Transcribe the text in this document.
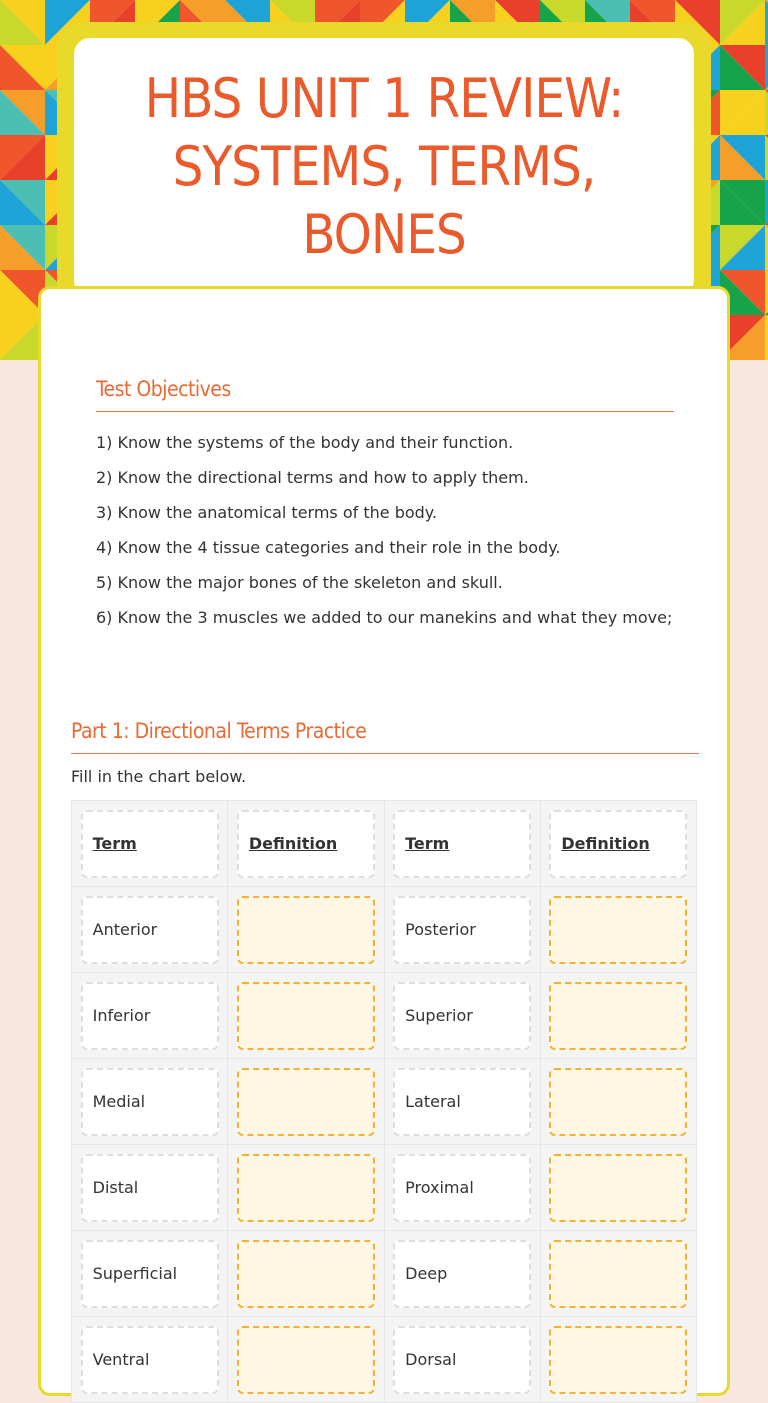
HBS UNIT 1 REVIEW: SYSTEMS, TERMS, BONES
Test Objectives
1) Know the systems of the body and their function.
2) Know the directional terms and how to apply them.
3) Know the anatomical terms of the body.
4) Know the 4 tissue categories and their role in the body.
5) Know the major bones of the skeleton and skull.
6) Know the 3 muscles we added to our manekins and what they move;
Part 1: Directional Terms Practice
Fill in the chart below.
Term	Definition	Term	Definition

Anterior		Posterior	

Inferior		Superior	

Medial		Lateral	

Distal		Proximal	

Superficial		Deep	

Ventral		Dorsal	
